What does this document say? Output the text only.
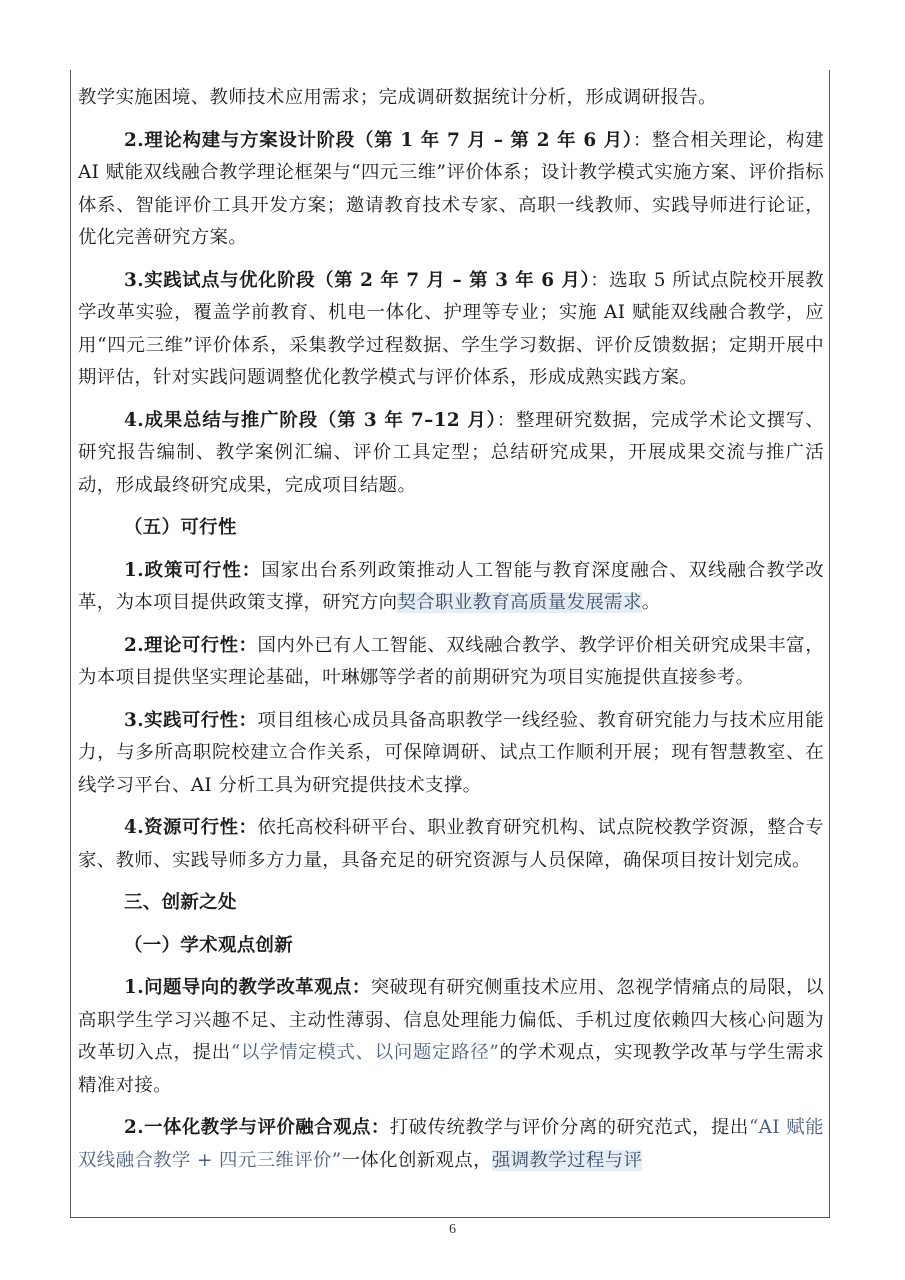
教学实施困境、教师技术应用需求；完成调研数据统计分析，形成调研报告。

2.理论构建与方案设计阶段（第 1 年 7 月 – 第 2 年 6 月）：整合相关理论，构建 AI 赋能双线融合教学理论框架与“四元三维”评价体系；设计教学模式实施方案、评价指标体系、智能评价工具开发方案；邀请教育技术专家、高职一线教师、实践导师进行论证，优化完善研究方案。

3.实践试点与优化阶段（第 2 年 7 月 – 第 3 年 6 月）：选取 5 所试点院校开展教学改革实验，覆盖学前教育、机电一体化、护理等专业；实施 AI 赋能双线融合教学，应用“四元三维”评价体系，采集教学过程数据、学生学习数据、评价反馈数据；定期开展中期评估，针对实践问题调整优化教学模式与评价体系，形成成熟实践方案。

4.成果总结与推广阶段（第 3 年 7–12 月）：整理研究数据，完成学术论文撰写、研究报告编制、教学案例汇编、评价工具定型；总结研究成果，开展成果交流与推广活动，形成最终研究成果，完成项目结题。

（五）可行性

1.政策可行性：国家出台系列政策推动人工智能与教育深度融合、双线融合教学改革，为本项目提供政策支撑，研究方向契合职业教育高质量发展需求。

2.理论可行性：国内外已有人工智能、双线融合教学、教学评价相关研究成果丰富，为本项目提供坚实理论基础，叶琳娜等学者的前期研究为项目实施提供直接参考。

3.实践可行性：项目组核心成员具备高职教学一线经验、教育研究能力与技术应用能力，与多所高职院校建立合作关系，可保障调研、试点工作顺利开展；现有智慧教室、在线学习平台、AI 分析工具为研究提供技术支撑。

4.资源可行性：依托高校科研平台、职业教育研究机构、试点院校教学资源，整合专家、教师、实践导师多方力量，具备充足的研究资源与人员保障，确保项目按计划完成。

三、创新之处

（一）学术观点创新

1.问题导向的教学改革观点：突破现有研究侧重技术应用、忽视学情痛点的局限，以高职学生学习兴趣不足、主动性薄弱、信息处理能力偏低、手机过度依赖四大核心问题为改革切入点，提出“以学情定模式、以问题定路径”的学术观点，实现教学改革与学生需求精准对接。

2.一体化教学与评价融合观点：打破传统教学与评价分离的研究范式，提出“AI 赋能双线融合教学 + 四元三维评价”一体化创新观点，强调教学过程与评

6
